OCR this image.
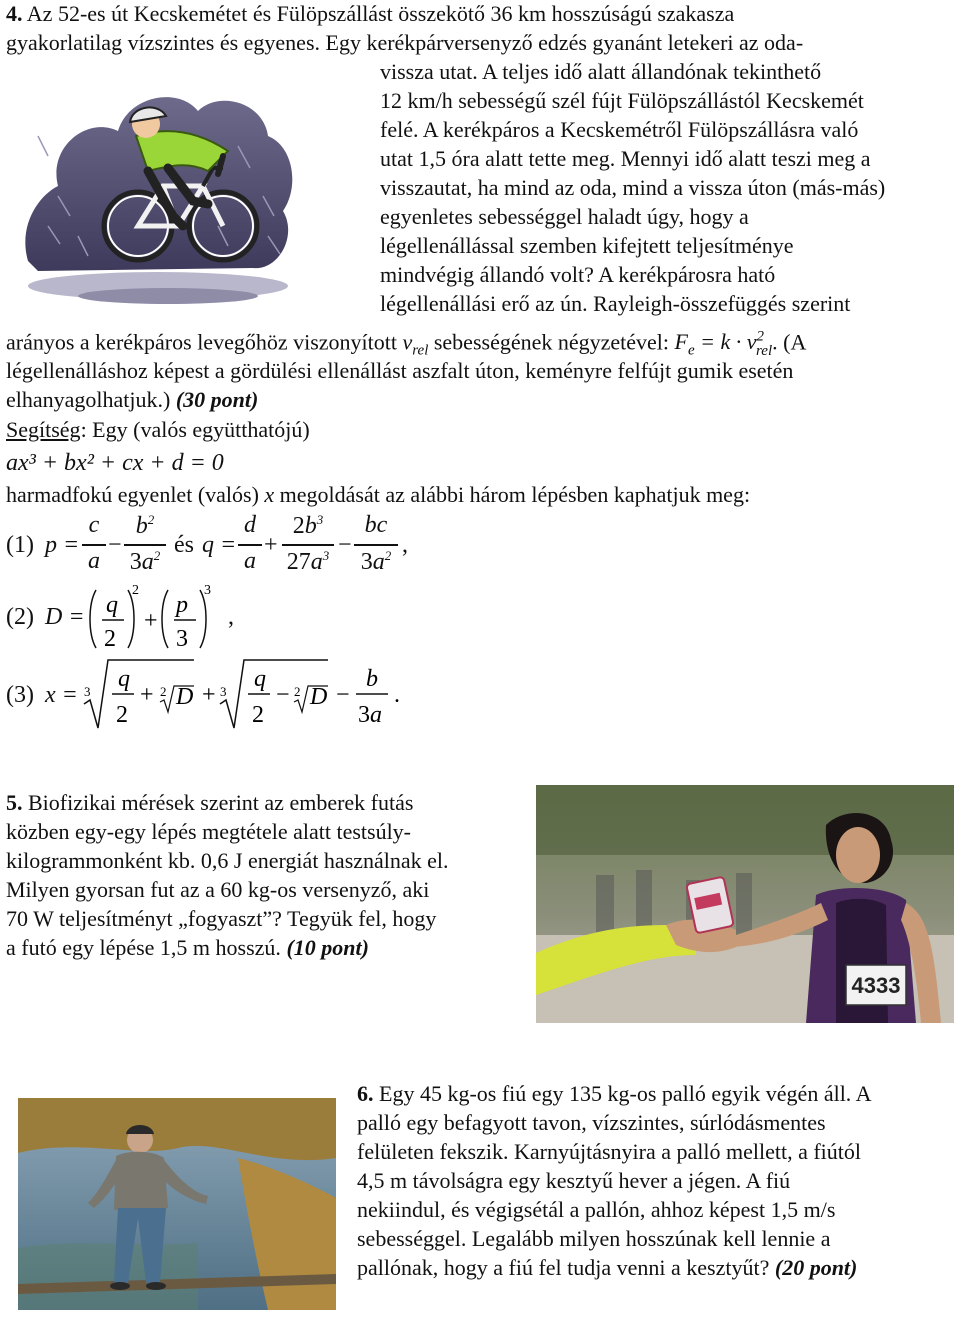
4. Az 52-es út Kecskemétet és Fülöpszállást összekötő 36 km hosszúságú szakasza
gyakorlatilag vízszintes és egyenes. Egy kerékpárversenyző edzés gyanánt letekeri az oda-
vissza utat. A teljes idő alatt állandónak tekinthető
12 km/h sebességű szél fújt Fülöpszállástól Kecskemét
felé. A kerékpáros a Kecskemétről Fülöpszállásra való
utat 1,5 óra alatt tette meg. Mennyi idő alatt teszi meg a
visszautat, ha mind az oda, mind a vissza úton (más-más)
egyenletes sebességgel haladt úgy, hogy a
légellenállással szemben kifejtett teljesítménye
mindvégig állandó volt? A kerékpárosra ható
légellenállási erő az ún. Rayleigh-összefüggés szerint
arányos a kerékpáros levegőhöz viszonyított $v_{rel}$ sebességének négyzetével: $F_e = k \cdot v^2_{rel}$. (A
légellenálláshoz képest a gördülési ellenállást aszfalt úton, keményre felfújt gumik esetén
elhanyagolhatjuk.) (30 pont)
Segítség: Egy (valós együtthatójú)
ax³ + bx² + cx + d = 0
harmadfokú egyenlet (valós) x megoldását az alábbi három lépésben kaphatjuk meg:
(1) p =
c
a
−
$b^2$
$3a^2$ és q =
d
a
+
$2b^3$
$27a^3$ −
bc
$3a^2$ ,
(2) D = q
2
2
+
p
3
3
,
(3) x = 3 q
2
+ 2 D + 3 q
2
− 2 D −
b
3a
.
5. Biofizikai mérések szerint az emberek futás
közben egy-egy lépés megtétele alatt testsúly-
kilogrammonként kb. 0,6 J energiát használnak el.
Milyen gyorsan fut az a 60 kg-os versenyző, aki
70 W teljesítményt „fogyaszt”? Tegyük fel, hogy
a futó egy lépése 1,5 m hosszú. (10 pont)
4333
6. Egy 45 kg-os fiú egy 135 kg-os palló egyik végén áll. A
palló egy befagyott tavon, vízszintes, súrlódásmentes
felületen fekszik. Karnyújtásnyira a palló mellett, a fiútól
4,5 m távolságra egy kesztyű hever a jégen. A fiú
nekiindul, és végigsétál a pallón, ahhoz képest 1,5 m/s
sebességgel. Legalább milyen hosszúnak kell lennie a
pallónak, hogy a fiú fel tudja venni a kesztyűt? (20 pont)
